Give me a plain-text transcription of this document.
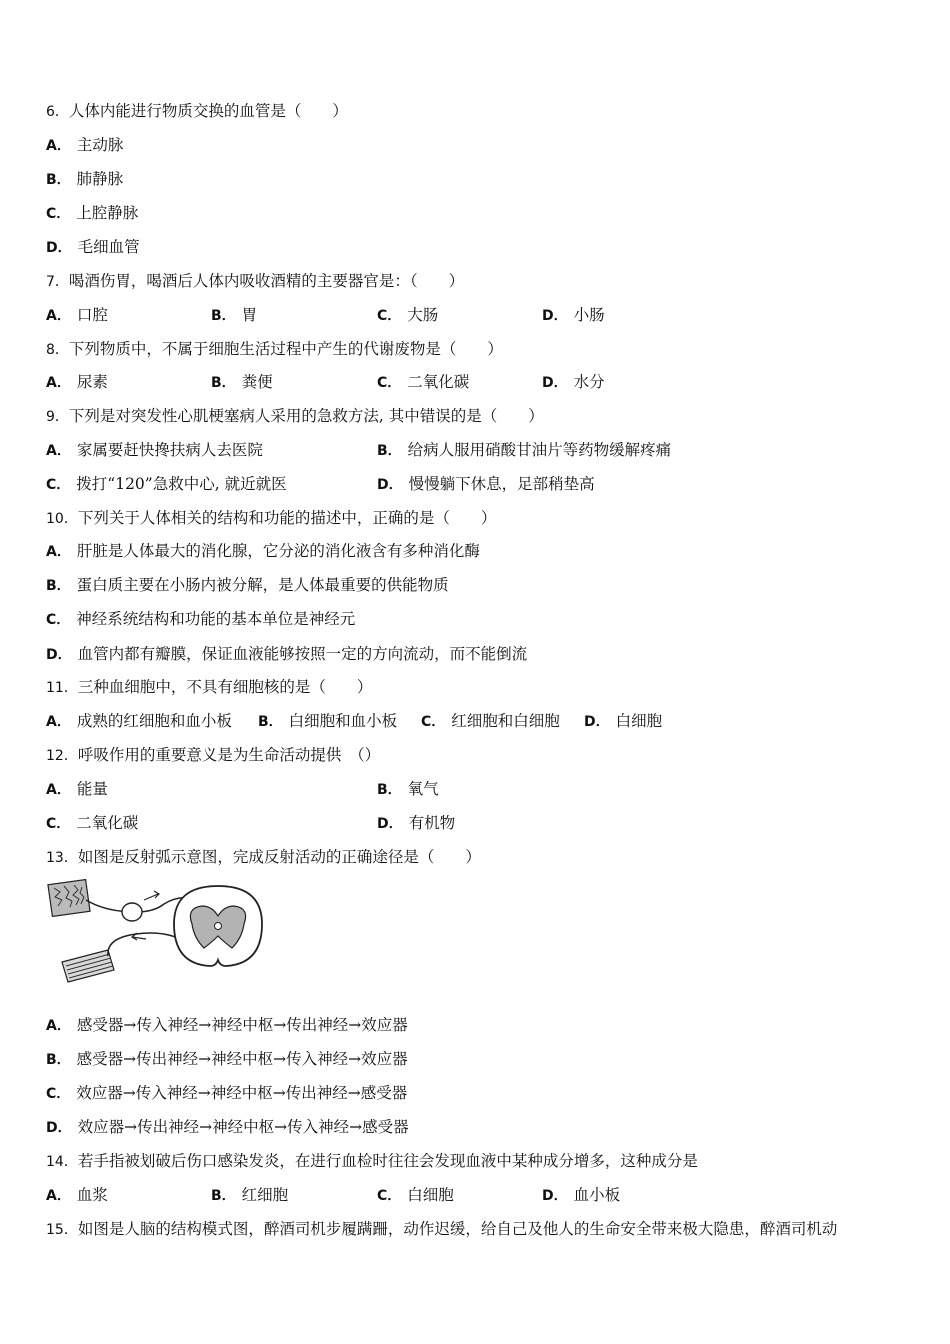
6．人体内能进行物质交换的血管是（　　）
A． 主动脉
B． 肺静脉
C． 上腔静脉
D． 毛细血管
7．喝酒伤胃，喝酒后人体内吸收酒精的主要器官是：（　　）
A． 口腔	B． 胃	C． 大肠	D． 小肠
8．下列物质中，不属于细胞生活过程中产生的代谢废物是（　　）
A． 尿素	B． 粪便	C． 二氧化碳	D． 水分
9．下列是对突发性心肌梗塞病人采用的急救方法, 其中错误的是（　　）
A． 家属要赶快搀扶病人去医院	B． 给病人服用硝酸甘油片等药物缓解疼痛
C． 拨打“120”急救中心, 就近就医	D． 慢慢躺下休息，足部稍垫高
10．下列关于人体相关的结构和功能的描述中，正确的是（　　）
A． 肝脏是人体最大的消化腺，它分泌的消化液含有多种消化酶
B． 蛋白质主要在小肠内被分解，是人体最重要的供能物质
C． 神经系统结构和功能的基本单位是神经元
D． 血管内都有瓣膜，保证血液能够按照一定的方向流动，而不能倒流
11．三种血细胞中，不具有细胞核的是（　　）
A． 成熟的红细胞和血小板 B． 白细胞和血小板 C． 红细胞和白细胞 D． 白细胞
12．呼吸作用的重要意义是为生命活动提供　（）
A． 能量	B． 氧气
C． 二氧化碳	D． 有机物
13．如图是反射弧示意图，完成反射活动的正确途径是（　　）
A． 感受器→传入神经→神经中枢→传出神经→效应器
B． 感受器→传出神经→神经中枢→传入神经→效应器
C． 效应器→传入神经→神经中枢→传出神经→感受器
D． 效应器→传出神经→神经中枢→传入神经→感受器
14．若手指被划破后伤口感染发炎，在进行血检时往往会发现血液中某种成分增多，这种成分是
A． 血浆	B． 红细胞	C． 白细胞	D． 血小板
15．如图是人脑的结构模式图，醉酒司机步履蹒跚，动作迟缓，给自己及他人的生命安全带来极大隐患，醉酒司机动
